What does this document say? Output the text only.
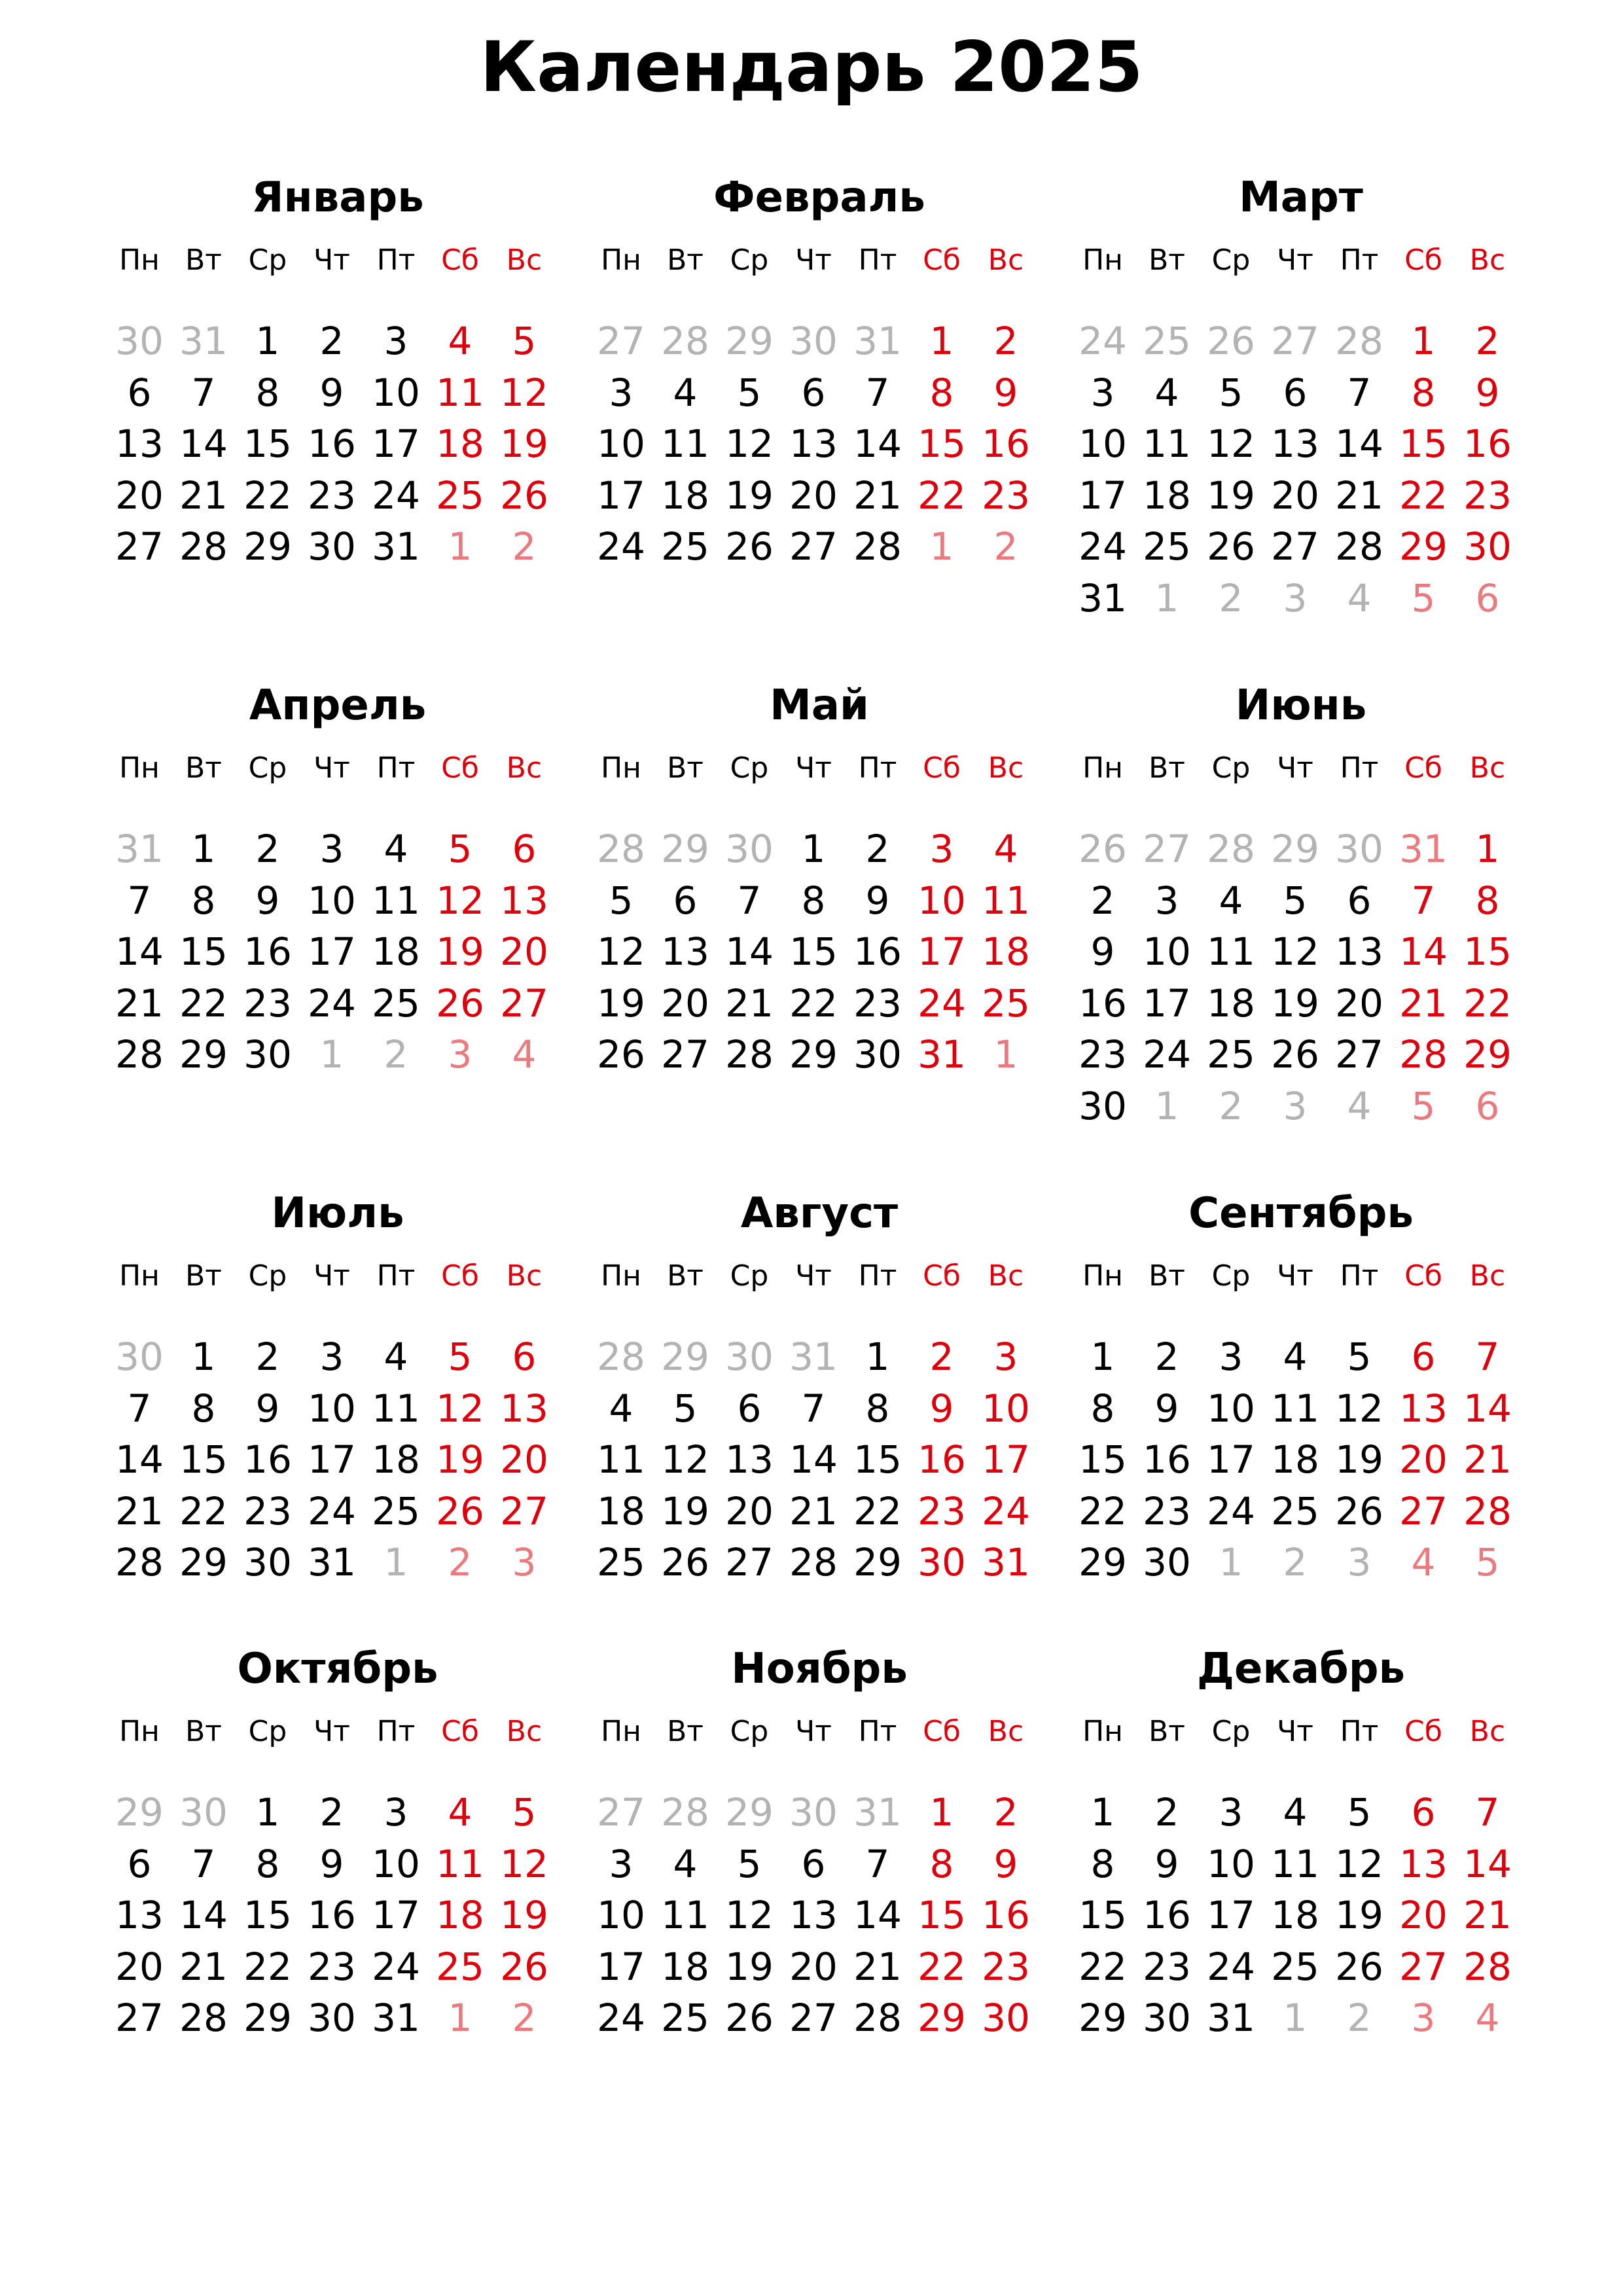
Календарь 2025
Январь
Пн Вт Ср Чт Пт Сб Вс
30 31 1	2	3	4	5
6	7	8	9 10 11 12
13 14 15 16 17 18 19
20 21 22 23 24 25 26
27 28 29 30 31 1	2
Февраль
Пн Вт Ср Чт Пт Сб Вс
27 28 29 30 31 1	2
3	4	5	6	7	8	9
10 11 12 13 14 15 16
17 18 19 20 21 22 23
24 25 26 27 28 1	2
Март
Пн Вт Ср Чт Пт Сб Вс
24 25 26 27 28 1	2
3	4	5	6	7	8	9
10 11 12 13 14 15 16
17 18 19 20 21 22 23
24 25 26 27 28 29 30
31 1	2	3	4	5	6
Апрель
Пн Вт Ср Чт Пт Сб Вс
31 1	2	3	4	5	6
7	8	9 10 11 12 13
14 15 16 17 18 19 20
21 22 23 24 25 26 27
28 29 30 1	2	3	4
Май
Пн Вт Ср Чт Пт Сб Вс
28 29 30 1	2	3	4
5	6	7	8	9 10 11
12 13 14 15 16 17 18
19 20 21 22 23 24 25
26 27 28 29 30 31 1
Июнь
Пн Вт Ср Чт Пт Сб Вс
26 27 28 29 30 31 1
2	3	4	5	6	7	8
9 10 11 12 13 14 15
16 17 18 19 20 21 22
23 24 25 26 27 28 29
30 1	2	3	4	5	6
Июль
Пн Вт Ср Чт Пт Сб Вс
30 1	2	3	4	5	6
7	8	9 10 11 12 13
14 15 16 17 18 19 20
21 22 23 24 25 26 27
28 29 30 31 1	2	3
Август
Пн Вт Ср Чт Пт Сб Вс
28 29 30 31 1	2	3
4	5	6	7	8	9 10
11 12 13 14 15 16 17
18 19 20 21 22 23 24
25 26 27 28 29 30 31
Сентябрь
Пн Вт Ср Чт Пт Сб Вс
1	2	3	4	5	6	7
8	9 10 11 12 13 14
15 16 17 18 19 20 21
22 23 24 25 26 27 28
29 30 1	2	3	4	5
Октябрь
Пн Вт Ср Чт Пт Сб Вс
29 30 1	2	3	4	5
6	7	8	9 10 11 12
13 14 15 16 17 18 19
20 21 22 23 24 25 26
27 28 29 30 31 1	2
Ноябрь
Пн Вт Ср Чт Пт Сб Вс
27 28 29 30 31 1	2
3	4	5	6	7	8	9
10 11 12 13 14 15 16
17 18 19 20 21 22 23
24 25 26 27 28 29 30
Декабрь
Пн Вт Ср Чт Пт Сб Вс
1	2	3	4	5	6	7
8	9 10 11 12 13 14
15 16 17 18 19 20 21
22 23 24 25 26 27 28
29 30 31 1	2	3	4
